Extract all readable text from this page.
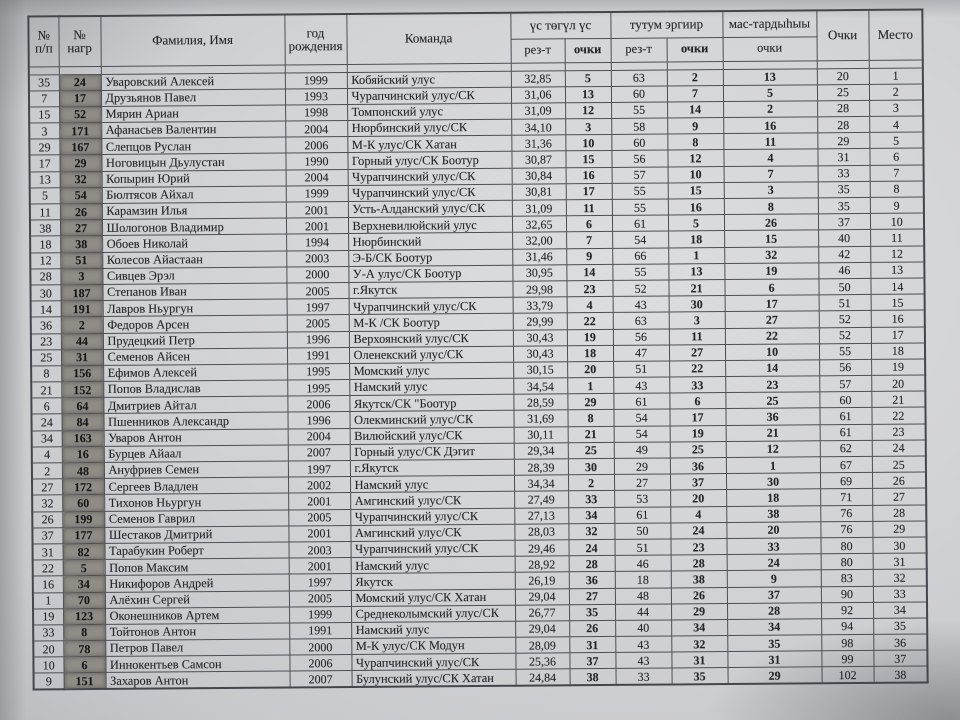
№
п/п	№
нагр	Фамилия, Имя	год
рождения	Команда	үс төгүл үс		тутум эргиир		мас-тардыһыы	Очки	Место
					рез-т	очки	рез-т	очки	очки		

35	24	Уваровский Алексей	1999	Кобяйский улус	32,85	5	63	2	13	20	1
7	17	Друзьянов Павел	1993	Чурапчинский улус/СК	31,06	13	60	7	5	25	2
15	52	Мярин Ариан	1998	Томпонский улус	31,09	12	55	14	2	28	3
3	171	Афанасьев Валентин	2004	Нюрбинский улус/СК	34,10	3	58	9	16	28	4
29	167	Слепцов Руслан	2006	М-К улус/СК Хатан	31,36	10	60	8	11	29	5
17	29	Ноговицын Дьулустан	1990	Горный улус/СК Боотур	30,87	15	56	12	4	31	6
13	32	Копырин Юрий	2004	Чурапчинский улус/СК	30,84	16	57	10	7	33	7
5	54	Бюлтясов Айхал	1999	Чурапчинский улус/СК	30,81	17	55	15	3	35	8
11	26	Карамзин Илья	2001	Усть-Алданский улус/СК	31,09	11	55	16	8	35	9
38	27	Шологонов Владимир	2001	Верхневилюйский улус	32,65	6	61	5	26	37	10
18	38	Обоев Николай	1994	Нюрбинский	32,00	7	54	18	15	40	11
12	51	Колесов Айастаан	2003	Э-Б/СК Боотур	31,46	9	66	1	32	42	12
28	3	Сивцев Эрэл	2000	У-А улус/СК Боотур	30,95	14	55	13	19	46	13
30	187	Степанов Иван	2005	г.Якутск	29,98	23	52	21	6	50	14
14	191	Лавров Ньургун	1997	Чурапчинский улус/СК	33,79	4	43	30	17	51	15
36	2	Федоров Арсен	2005	М-К /СК Боотур	29,99	22	63	3	27	52	16
23	44	Прудецкий Петр	1996	Верхоянский улус/СК	30,43	19	56	11	22	52	17
25	31	Семенов Айсен	1991	Оленекский улус/СК	30,43	18	47	27	10	55	18
8	156	Ефимов Алексей	1995	Момский улус	30,15	20	51	22	14	56	19
21	152	Попов Владислав	1995	Намский улус	34,54	1	43	33	23	57	20
6	64	Дмитриев Айтал	2006	Якутск/СК "Боотур	28,59	29	61	6	25	60	21
24	84	Пшенников Александр	1996	Олекминский улус/СК	31,69	8	54	17	36	61	22
34	163	Уваров Антон	2004	Вилюйский улус/СК	30,11	21	54	19	21	61	23
4	16	Бурцев Айаал	2007	Горный улус/СК Дэгит	29,34	25	49	25	12	62	24
2	48	Ануфриев Семен	1997	г.Якутск	28,39	30	29	36	1	67	25
27	172	Сергеев Владлен	2002	Намский улус	34,34	2	27	37	30	69	26
32	60	Тихонов Ньургун	2001	Амгинский улус/СК	27,49	33	53	20	18	71	27
26	199	Семенов Гаврил	2005	Чурапчинский улус/СК	27,13	34	61	4	38	76	28
37	177	Шестаков Дмитрий	2001	Амгинский улус/СК	28,03	32	50	24	20	76	29
31	82	Тарабукин Роберт	2003	Чурапчинский улус/СК	29,46	24	51	23	33	80	30
22	5	Попов Максим	2001	Намский улус	28,92	28	46	28	24	80	31
16	34	Никифоров Андрей	1997	Якутск	26,19	36	18	38	9	83	32
1	70	Алёхин Сергей	2005	Момский улус/СК Хатан	29,04	27	48	26	37	90	33
19	123	Оконешников Артем	1999	Среднеколымский улус/СК	26,77	35	44	29	28	92	34
33	8	Тойтонов Антон	1991	Намский улус	29,04	26	40	34	34	94	35
20	78	Петров Павел	2000	М-К улус/СК Модун	28,09	31	43	32	35	98	36
10	6	Иннокентьев Самсон	2006	Чурапчинский улус/СК	25,36	37	43	31	31	99	37
9	151	Захаров Антон	2007	Булунский улус/СК Хатан	24,84	38	33	35	29	102	38
